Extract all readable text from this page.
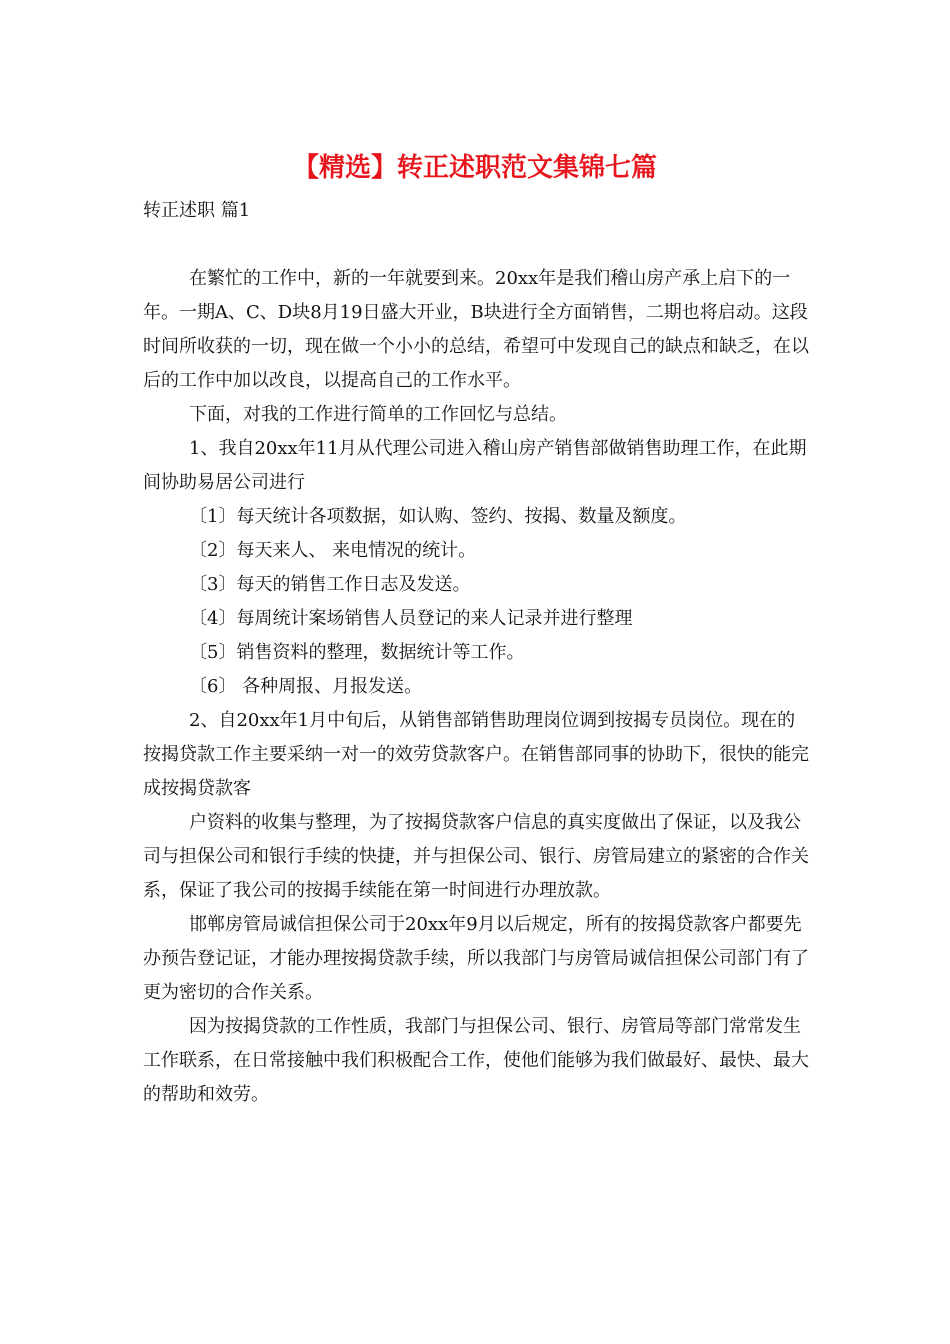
【精选】转正述职范文集锦七篇
转正述职 篇1

在繁忙的工作中，新的一年就要到来。20xx年是我们稽山房产承上启下的一年。一期A、C、D块8月19日盛大开业，B块进行全方面销售，二期也将启动。这段时间所收获的一切，现在做一个小小的总结，希望可中发现自己的缺点和缺乏，在以后的工作中加以改良，以提高自己的工作水平。

下面，对我的工作进行简单的工作回忆与总结。

1、我自20xx年11月从代理公司进入稽山房产销售部做销售助理工作，在此期间协助易居公司进行

〔1〕每天统计各项数据，如认购、签约、按揭、数量及额度。

〔2〕每天来人、 来电情况的统计。

〔3〕每天的销售工作日志及发送。

〔4〕每周统计案场销售人员登记的来人记录并进行整理

〔5〕销售资料的整理，数据统计等工作。

〔6〕 各种周报、月报发送。

2、自20xx年1月中旬后，从销售部销售助理岗位调到按揭专员岗位。现在的按揭贷款工作主要采纳一对一的效劳贷款客户。在销售部同事的协助下，很快的能完成按揭贷款客

户资料的收集与整理，为了按揭贷款客户信息的真实度做出了保证，以及我公司与担保公司和银行手续的快捷，并与担保公司、银行、房管局建立的紧密的合作关系，保证了我公司的按揭手续能在第一时间进行办理放款。

邯郸房管局诚信担保公司于20xx年9月以后规定，所有的按揭贷款客户都要先办预告登记证，才能办理按揭贷款手续，所以我部门与房管局诚信担保公司部门有了更为密切的合作关系。

因为按揭贷款的工作性质，我部门与担保公司、银行、房管局等部门常常发生工作联系，在日常接触中我们积极配合工作，使他们能够为我们做最好、最快、最大的帮助和效劳。
